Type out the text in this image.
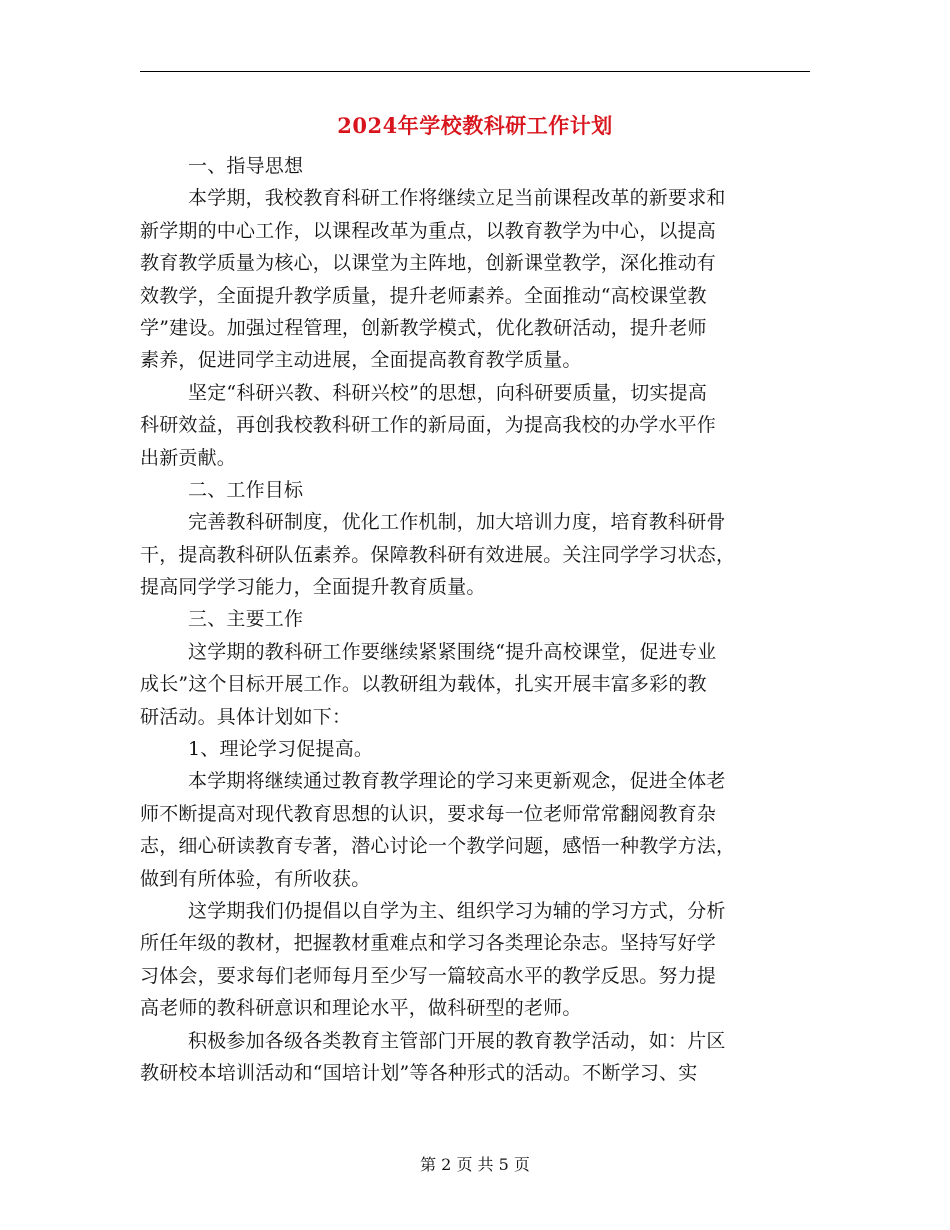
2024年学校教科研工作计划
一、指导思想
本学期，我校教育科研工作将继续立足当前课程改革的新要求和
新学期的中心工作，以课程改革为重点，以教育教学为中心，以提高
教育教学质量为核心，以课堂为主阵地，创新课堂教学，深化推动有
效教学，全面提升教学质量，提升老师素养。全面推动“高校课堂教
学”建设。加强过程管理，创新教学模式，优化教研活动，提升老师
素养，促进同学主动进展，全面提高教育教学质量。
坚定“科研兴教、科研兴校”的思想，向科研要质量，切实提高
科研效益，再创我校教科研工作的新局面，为提高我校的办学水平作
出新贡献。
二、工作目标
完善教科研制度，优化工作机制，加大培训力度，培育教科研骨
干，提高教科研队伍素养。保障教科研有效进展。关注同学学习状态，
提高同学学习能力，全面提升教育质量。
三、主要工作
这学期的教科研工作要继续紧紧围绕“提升高校课堂，促进专业
成长”这个目标开展工作。以教研组为载体，扎实开展丰富多彩的教
研活动。具体计划如下：
1、理论学习促提高。
本学期将继续通过教育教学理论的学习来更新观念，促进全体老
师不断提高对现代教育思想的认识，要求每一位老师常常翻阅教育杂
志，细心研读教育专著，潜心讨论一个教学问题，感悟一种教学方法，
做到有所体验，有所收获。
这学期我们仍提倡以自学为主、组织学习为辅的学习方式，分析
所任年级的教材，把握教材重难点和学习各类理论杂志。坚持写好学
习体会，要求每们老师每月至少写一篇较高水平的教学反思。努力提
高老师的教科研意识和理论水平，做科研型的老师。
积极参加各级各类教育主管部门开展的教育教学活动，如：片区
教研校本培训活动和“国培计划”等各种形式的活动。不断学习、实
第 2 页 共 5 页
